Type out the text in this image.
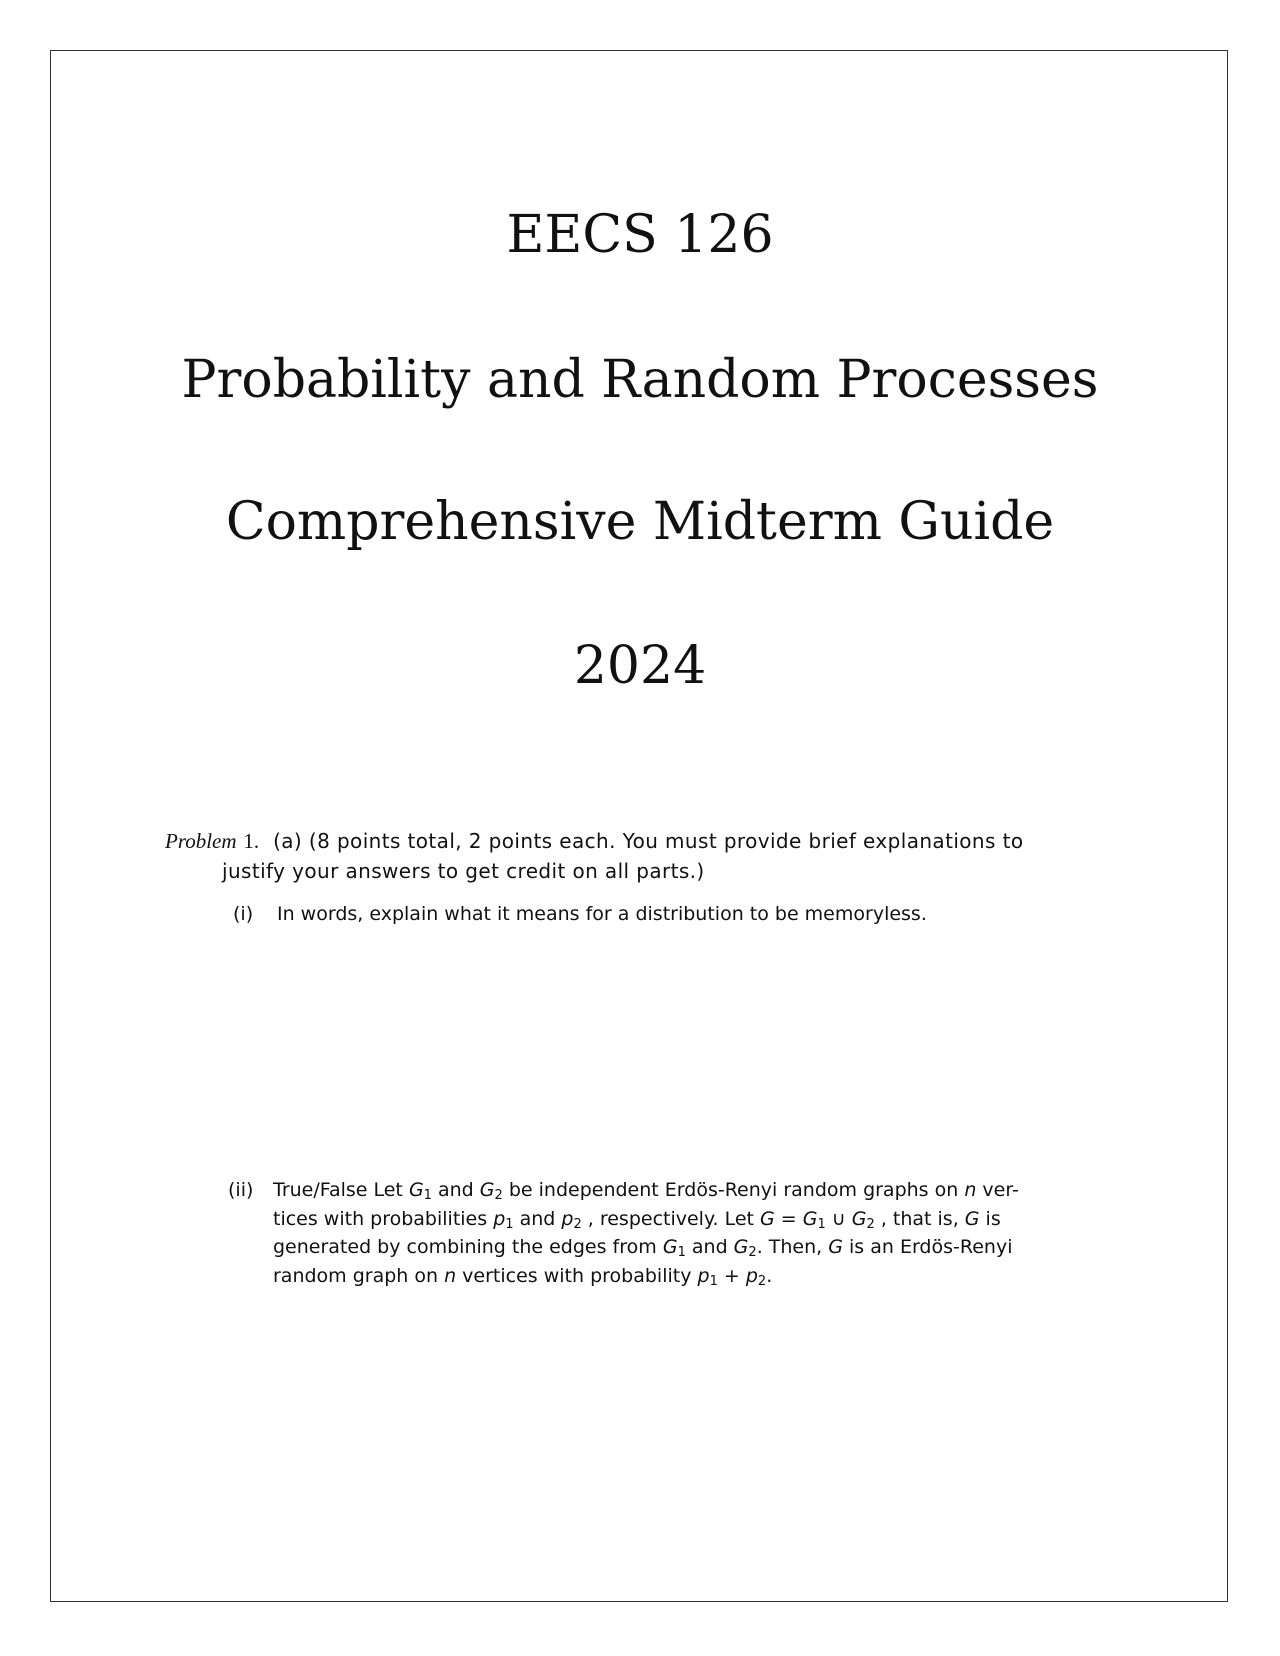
EECS 126
Probability and Random Processes
Comprehensive Midterm Guide
2024
Problem 1. (a) (8 points total, 2 points each. You must provide brief explanations to
justify your answers to get credit on all parts.)
(i) In words, explain what it means for a distribution to be memoryless.
(ii) True/False Let $G_1$ and $G_2$ be independent Erdös-Renyi random graphs on n ver-
tices with probabilities $p_1$ and $p_2$ , respectively. Let $G = G_1$ ∪ $G_2$ , that is, G is
generated by combining the edges from $G_1$ and $G_2$. Then, G is an Erdös-Renyi
random graph on n vertices with probability $p_1 + p_2$.
